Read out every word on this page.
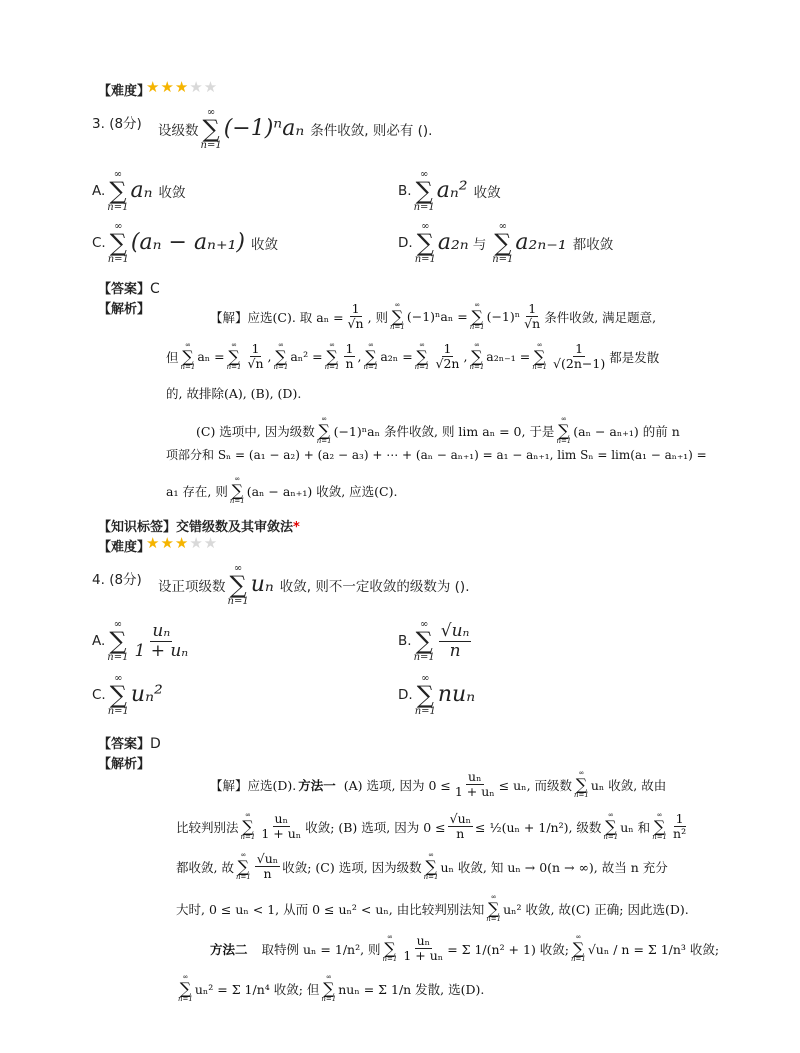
【难度】
★★★★★
3. (8分) 设级数
∞
∑
n=1
(−1)ⁿaₙ 条件收敛, 则必有 ().
A.
∞
∑
n=1
aₙ 收敛	B.
∞
∑
n=1
aₙ² 收敛
C.
∞
∑
n=1
(aₙ − aₙ₊₁) 收敛	D.
∞
∑
n=1
a₂ₙ 与
∞
∑
n=1
a₂ₙ₋₁ 都收敛
【答案】C
【解析】
【解】应选(C). 取 $a_n = \frac{1}{√n}$ , 则
∞
∑
n=1
(−1)ⁿaₙ =
∞
∑
n=1
$(-1)^n \frac{1}{√n}$ 条件收敛, 满足题意,
但
∞
∑
n=1
aₙ =
∞
∑
$n=1 \frac{1}{√n}$ ,
∞
∑
n=1
aₙ² =
∞
∑
$n=1 \frac{1}{n}$ ,
∞
∑
n=1
a₂ₙ =
∞
∑
$n=1 \frac{1}{√2n}$ ,
∞
∑
n=1
a₂ₙ₋₁ =
∞
∑
$n=1 \frac{1}{√(2n-1)}$ 都是发散
的, 故排除(A), (B), (D).
(C) 选项中, 因为级数
∞
∑
n=1
(−1)ⁿaₙ 条件收敛, 则 lim aₙ = 0, 于是
∞
∑
n=1
(aₙ − aₙ₊₁) 的前 n
项部分和 Sₙ = (a₁ − a₂) + (a₂ − a₃) + ⋯ + (aₙ − aₙ₊₁) = a₁ − aₙ₊₁, lim Sₙ = lim(a₁ − aₙ₊₁) =
a₁ 存在, 则
∞
∑
n=1
(aₙ − aₙ₊₁) 收敛, 应选(C).
【知识标签】交错级数及其审敛法*
【难度】
★★★★★
4. (8分) 设正项级数
∞
∑
n=1
uₙ 收敛, 则不一定收敛的级数为 ().
A.
∞
∑
$n=1 \frac{\text{uₙ}}{\text{1 + uₙ}}$	B.
∞
∑
$n=1 \frac{\text{√uₙ}}{n}$
C.
∞
∑
n=1
uₙ²	D.
∞
∑
n=1
nuₙ
【答案】D
【解析】
【解】应选(D). 方法一 (A) 选项, 因为 $0 \le \frac{\text{uₙ}}{\text{1 + uₙ}} \le u_n$, 而级数
∞
∑
n=1
uₙ 收敛, 故由
比较判别法
∞
∑
$n=1 \frac{\text{uₙ}}{\text{1 + uₙ}}$ 收敛; (B) 选项, 因为 $0 \le \frac{\text{√uₙ}}{n}$ ≤ ½(uₙ + 1/n²), 级数
∞
∑
n=1
uₙ 和
∞
∑
$n=1 \frac{1}{\text{n²}}$
都收敛, 故
∞
∑
$n=1 \frac{\text{√uₙ}}{n}$ 收敛; (C) 选项, 因为级数
∞
∑
n=1
uₙ 收敛, 知 uₙ → 0(n → ∞), 故当 n 充分
大时, 0 ≤ uₙ < 1, 从而 0 ≤ uₙ² < uₙ, 由比较判别法知
∞
∑
n=1
uₙ² 收敛, 故(C) 正确; 因此选(D).
方法二 取特例 uₙ = 1/n², 则
∞
∑
$n=1 \frac{\text{uₙ}}{\text{1 + uₙ}} = \Sigma$ 1/(n² + 1) 收敛;
∞
∑
n=1
√uₙ / n = Σ 1/n³ 收敛;
∞
∑
n=1
uₙ² = Σ 1/n⁴ 收敛; 但
∞
∑
n=1
nuₙ = Σ 1/n 发散, 选(D).
